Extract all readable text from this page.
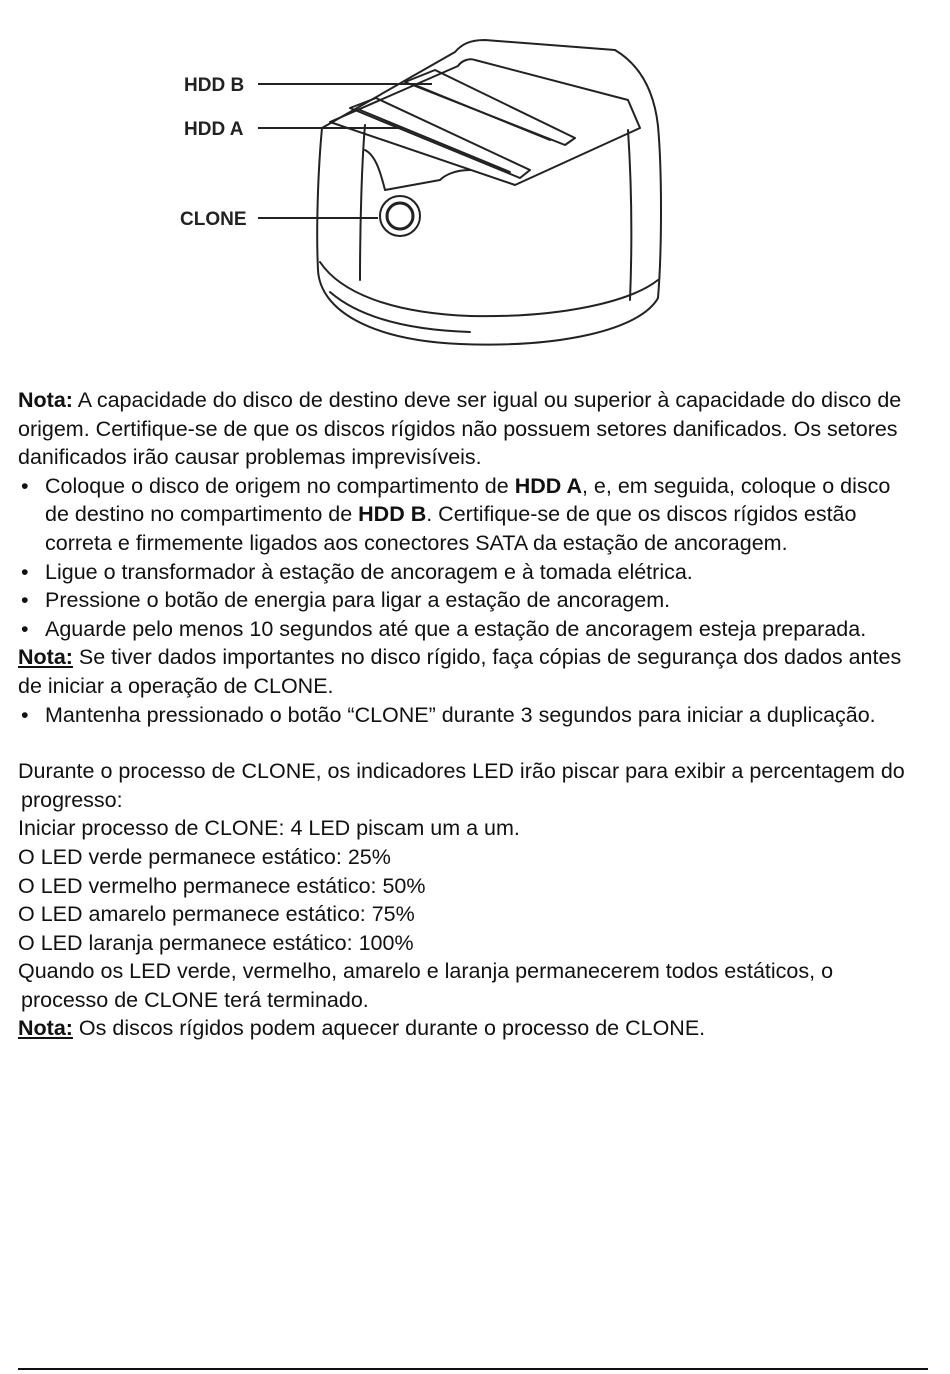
HDD B
HDD A
CLONE

Nota: A capacidade do disco de destino deve ser igual ou superior à capacidade do disco de origem. Certifique-se de que os discos rígidos não possuem setores danificados. Os setores danificados irão causar problemas imprevisíveis.

• Coloque o disco de origem no compartimento de HDD A, e, em seguida, coloque o disco de destino no compartimento de HDD B. Certifique-se de que os discos rígidos estão correta e firmemente ligados aos conectores SATA da estação de ancoragem.
• Ligue o transformador à estação de ancoragem e à tomada elétrica.
• Pressione o botão de energia para ligar a estação de ancoragem.
• Aguarde pelo menos 10 segundos até que a estação de ancoragem esteja preparada.

Nota: Se tiver dados importantes no disco rígido, faça cópias de segurança dos dados antes de iniciar a operação de CLONE.

• Mantenha pressionado o botão “CLONE” durante 3 segundos para iniciar a duplicação.

Durante o processo de CLONE, os indicadores LED irão piscar para exibir a percentagem do progresso:

Iniciar processo de CLONE: 4 LED piscam um a um.

O LED verde permanece estático: 25%

O LED vermelho permanece estático: 50%

O LED amarelo permanece estático: 75%

O LED laranja permanece estático: 100%

Quando os LED verde, vermelho, amarelo e laranja permanecerem todos estáticos, o processo de CLONE terá terminado.

Nota: Os discos rígidos podem aquecer durante o processo de CLONE.
